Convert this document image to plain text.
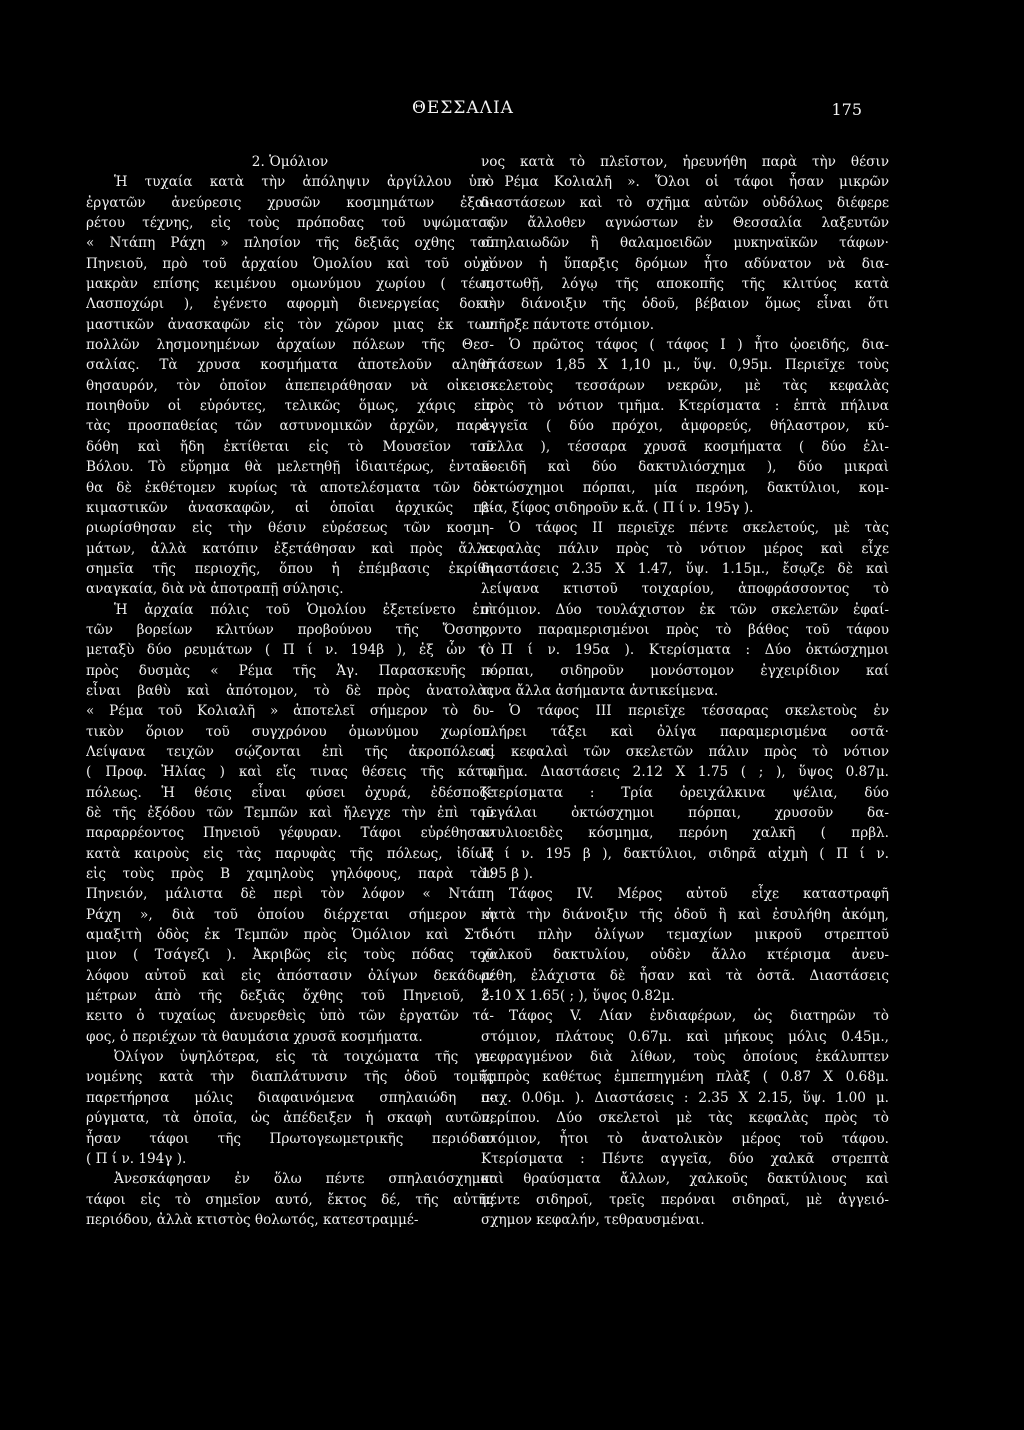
ΘΕΣΣΑΛΙΑ	175
2. Ὁμόλιον
Ἡ τυχαία κατὰ τὴν ἀπόληψιν ἀργίλλου ὑπὸ
ἐργατῶν ἀνεύρεσις χρυσῶν κοσμημάτων ἐξαι-
ρέτου τέχνης, εἰς τοὺς πρόποδας τοῦ υψώματος
« Ντάπη Ράχη » πλησίον τῆς δεξιᾶς οχθης τοῦ
Πηνειοῦ, πρὸ τοῦ ἀρχαίου Ὁμολίου καὶ τοῦ οὐχὶ
μακρὰν επίσης κειμένου ομωνύμου χωρίου ( τέως
Λασποχώρι ), ἐγένετο αφορμὴ διενεργείας δοκι-
μαστικῶν ἀνασκαφῶν εἰς τὸν χῶρον μιας ἐκ των
πολλῶν λησμονημένων ἀρχαίων πόλεων τῆς Θεσ-
σαλίας. Τὰ χρυσα κοσμήματα ἀποτελοῦν αληθῆ
θησαυρόν, τὸν ὁποῖον ἀπεπειράθησαν νὰ οἰκειο-
ποιηθοῦν οἱ εὑρόντες, τελικῶς ὅμως, χάρις εἰς
τὰς προσπαθείας τῶν αστυνομικῶν ἀρχῶν, παρε-
δόθη καὶ ἤδη ἐκτίθεται εἰς τὸ Μουσεῖον τοῦ
Βόλου. Τὸ εὕρημα θὰ μελετηθῇ ἰδιαιτέρως, ἐνταῦ-
θα δὲ ἐκθέτομεν κυρίως τὰ αποτελέσματα τῶν δο-
κιμαστικῶν ἀνασκαφῶν, αἱ ὁποῖαι ἀρχικῶς πε-
ριωρίσθησαν εἰς τὴν θέσιν εὑρέσεως τῶν κοσμη-
μάτων, ἀλλὰ κατόπιν ἐξετάθησαν καὶ πρὸς ἄλλα
σημεῖα τῆς περιοχῆς, ὅπου ἡ ἐπέμβασις ἐκρίθη
αναγκαία, διὰ νὰ ἀποτραπῇ σύλησις.
Ἡ ἀρχαία πόλις τοῦ Ὁμολίου ἐξετείνετο ἐπὶ
τῶν βορείων κλιτύων προβούνου τῆς Ὄσσης,
μεταξὺ δύο ρευμάτων ( Π ί ν. 194β ), ἐξ ὧν τὸ
πρὸς δυσμὰς « Ρέμα τῆς Ἁγ. Παρασκευῆς »
εἶναι βαθὺ καὶ ἀπότομον, τὸ δὲ πρὸς ἀνατολὰς
« Ρέμα τοῦ Κολιαλῆ » ἀποτελεῖ σήμερον τὸ δυ-
τικὸν ὅριον τοῦ συγχρόνου ὁμωνύμου χωρίου.
Λείψανα τειχῶν σῴζονται ἐπὶ τῆς ἀκροπόλεως
( Προφ. Ἠλίας ) καὶ εἴς τινας θέσεις τῆς κάτω
πόλεως. Ἡ θέσις εἶναι φύσει ὀχυρά, ἐδέσποζε
δὲ τῆς ἐξόδου τῶν Τεμπῶν καὶ ἤλεγχε τὴν ἐπὶ τοῦ
παραρρέοντος Πηνειοῦ γέφυραν. Τάφοι εὑρέθησαν
κατὰ καιροὺς εἰς τὰς παρυφὰς τῆς πόλεως, ἰδίως
εἰς τοὺς πρὸς Β χαμηλοὺς γηλόφους, παρὰ τὸν
Πηνειόν, μάλιστα δὲ περὶ τὸν λόφον « Ντάπη
Ράχη », διὰ τοῦ ὁποίου διέρχεται σήμερον ἡ
αμαξιτὴ ὁδὸς ἐκ Τεμπῶν πρὸς Ὁμόλιον καὶ Στό-
μιον ( Τσάγεζι ). Ἀκριβῶς εἰς τοὺς πόδας τοῦ
λόφου αὐτοῦ καὶ εἰς ἀπόστασιν ὀλίγων δεκάδων
μέτρων ἀπὸ τῆς δεξιᾶς ὄχθης τοῦ Πηνειοῦ, ἔ-
κειτο ὁ τυχαίως ἀνευρεθεὶς ὑπὸ τῶν ἐργατῶν τά-
φος, ὁ περιέχων τὰ θαυμάσια χρυσᾶ κοσμήματα.
Ὀλίγον ὑψηλότερα, εἰς τὰ τοιχώματα τῆς γε-
νομένης κατὰ τὴν διαπλάτυνσιν τῆς ὁδοῦ τομῆς
παρετήρησα μόλις διαφαινόμενα σπηλαιώδη ο-
ρύγματα, τὰ ὁποῖα, ὡς ἀπέδειξεν ἡ σκαφὴ αυτῶν,
ἦσαν τάφοι τῆς Πρωτογεωμετρικῆς περιόδου
( Π ί ν. 194γ ).
Ἀνεσκάφησαν ἐν ὅλω πέντε σπηλαιόσχημοι
τάφοι εἰς τὸ σημεῖον αυτό, ἔκτος δέ, τῆς αὐτῆς
περιόδου, ἀλλὰ κτιστὸς θολωτός, κατεστραμμέ-
νος κατὰ τὸ πλεῖστον, ἠρευνήθη παρὰ τὴν θέσιν
« Ρέμα Κολιαλῆ ». Ὅλοι οἱ τάφοι ἦσαν μικρῶν
διαστάσεων καὶ τὸ σχῆμα αὐτῶν οὐδόλως διέφερε
τῶν ἄλλοθεν αγνώστων ἐν Θεσσαλία λαξευτῶν
σπηλαιωδῶν ἢ θαλαμοειδῶν μυκηναϊκῶν τάφων·
μόνον ἡ ὕπαρξις δρόμων ἦτο αδύνατον νὰ δια-
πιστωθῇ, λόγῳ τῆς αποκοπῆς τῆς κλιτύος κατὰ
τὴν διάνοιξιν τῆς ὁδοῦ, βέβαιον ὅμως εἶναι ὅτι
υπῆρξε πάντοτε στόμιον.
Ὁ πρῶτος τάφος ( τάφος Ι ) ἦτο ᾠοειδής, δια-
στάσεων 1,85 Χ 1,10 μ., ὕψ. 0,95μ. Περιεῖχε τοὺς
σκελετοὺς τεσσάρων νεκρῶν, μὲ τὰς κεφαλὰς
πρὸς τὸ νότιον τμῆμα. Κτερίσματα : ἑπτὰ πήλινα
ἀγγεῖα ( δύο πρόχοι, ἀμφορεύς, θήλαστρον, κύ-
πελλα ), τέσσαρα χρυσᾶ κοσμήματα ( δύο ἑλι-
κοειδῆ καὶ δύο δακτυλιόσχημα ), δύο μικραὶ
ὀκτώσχημοι πόρπαι, μία περόνη, δακτύλιοι, κομ-
βία, ξίφος σιδηροῦν κ.ἄ. ( Π ί ν. 195γ ).
Ὁ τάφος ΙΙ περιεῖχε πέντε σκελετούς, μὲ τὰς
κεφαλὰς πάλιν πρὸς τὸ νότιον μέρος καὶ εἶχε
διαστάσεις 2.35 Χ 1.47, ὕψ. 1.15μ., ἔσῳζε δὲ καὶ
λείψανα κτιστοῦ τοιχαρίου, ἀποφράσσοντος τὸ
στόμιον. Δύο τουλάχιστον ἐκ τῶν σκελετῶν ἐφαί-
νοντο παραμερισμένοι πρὸς τὸ βάθος τοῦ τάφου
( Π ί ν. 195α ). Κτερίσματα : Δύο ὀκτώσχημοι
πόρπαι, σιδηροῦν μονόστομον ἐγχειρίδιον καί
τινα ἄλλα ἀσήμαντα ἀντικείμενα.
Ὁ τάφος ΙΙΙ περιεῖχε τέσσαρας σκελετοὺς ἐν
πλήρει τάξει καὶ ὀλίγα παραμερισμένα οστᾶ·
αἱ κεφαλαὶ τῶν σκελετῶν πάλιν πρὸς τὸ νότιον
τμῆμα. Διαστάσεις 2.12 Χ 1.75 ( ; ), ὕψος 0.87μ.
Κτερίσματα : Τρία ὀρειχάλκινα ψέλια, δύο
μεγάλαι ὀκτώσχημοι πόρπαι, χρυσοῦν δα-
κτυλιοειδὲς κόσμημα, περόνη χαλκῆ ( πρβλ.
Π ί ν. 195 β ), δακτύλιοι, σιδηρᾶ αἰχμὴ ( Π ί ν.
195 β ).
Τάφος IV. Μέρος αὐτοῦ εἶχε καταστραφῆ
κατὰ τὴν διάνοιξιν τῆς ὁδοῦ ἢ καὶ ἐσυλήθη ἀκόμη,
διότι πλὴν ὀλίγων τεμαχίων μικροῦ στρεπτοῦ
χαλκοῦ δακτυλίου, οὐδὲν ἄλλο κτέρισμα ἀνευ-
ρέθη, ἐλάχιστα δὲ ἦσαν καὶ τὰ ὀστᾶ. Διαστάσεις
2.10 Χ 1.65( ; ), ὕψος 0.82μ.
Τάφος V. Λίαν ἐνδιαφέρων, ὡς διατηρῶν τὸ
στόμιον, πλάτους 0.67μ. καὶ μήκους μόλις 0.45μ.,
πεφραγμένον διὰ λίθων, τοὺς ὁποίους ἐκάλυπτεν
ἔμπρὸς καθέτως ἐμπεπηγμένη πλὰξ ( 0.87 Χ 0.68μ.
παχ. 0.06μ. ). Διαστάσεις : 2.35 Χ 2.15, ὕψ. 1.00 μ.
περίπου. Δύο σκελετοὶ μὲ τὰς κεφαλὰς πρὸς τὸ
στόμιον, ἦτοι τὸ ἀνατολικὸν μέρος τοῦ τάφου.
Κτερίσματα : Πέντε αγγεῖα, δύο χαλκᾶ στρεπτὰ
καὶ θραύσματα ἄλλων, χαλκοῦς δακτύλιους καὶ
πέντε σιδηροῖ, τρεῖς περόναι σιδηραῖ, μὲ ἀγγειό-
σχημον κεφαλήν, τεθραυσμέναι.
